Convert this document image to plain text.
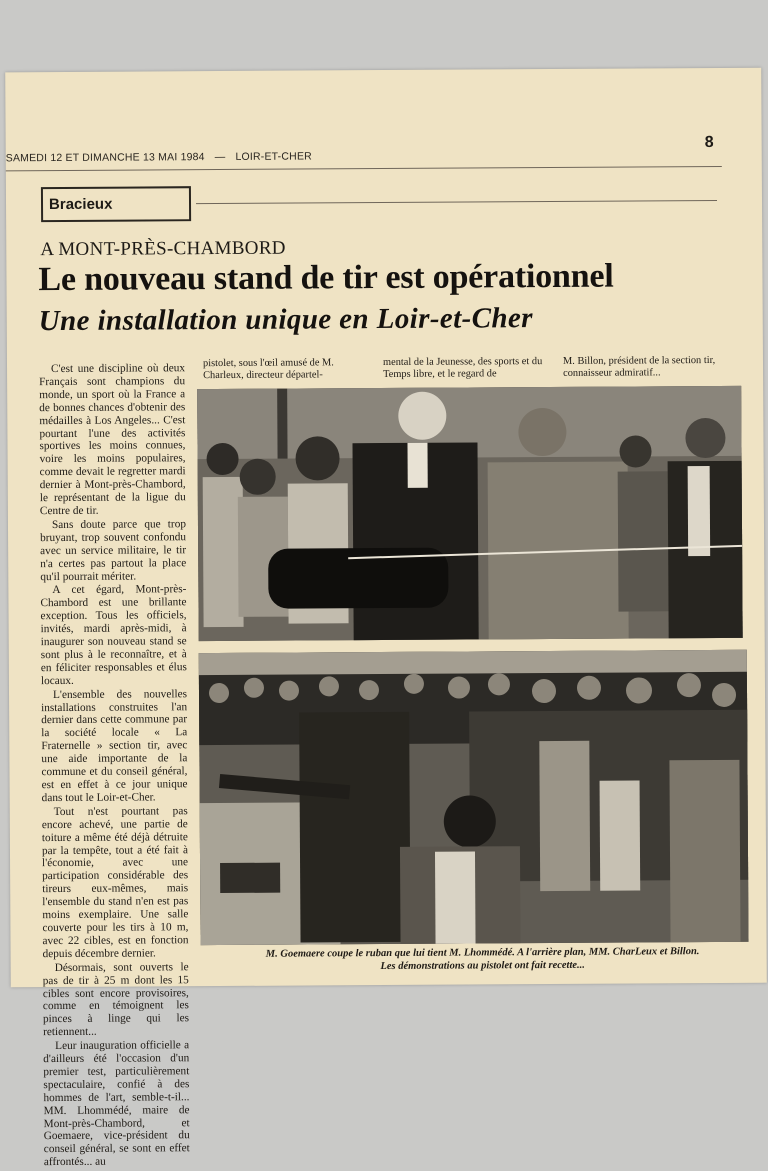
SAMEDI 12 ET DIMANCHE 13 MAI 1984 — LOIR-ET-CHER
8
Bracieux
A MONT-PRÈS-CHAMBORD
Le nouveau stand de tir est opérationnel
Une installation unique en Loir-et-Cher

C'est une discipline où deux Français sont champions du monde, un sport où la France a de bonnes chances d'obtenir des médailles à Los Angeles... C'est pourtant l'une des activités sportives les moins connues, voire les moins populaires, comme devait le regretter mardi dernier à Mont-près-Chambord, le représentant de la ligue du Centre de tir.

Sans doute parce que trop bruyant, trop souvent confondu avec un service militaire, le tir n'a certes pas partout la place qu'il pourrait mériter.

A cet égard, Mont-près-Chambord est une brillante exception. Tous les officiels, invités, mardi après-midi, à inaugurer son nouveau stand se sont plus à le reconnaître, et à en féliciter responsables et élus locaux.

L'ensemble des nouvelles installations construites l'an dernier dans cette commune par la société locale « La Fraternelle » section tir, avec une aide importante de la commune et du conseil général, est en effet à ce jour unique dans tout le Loir-et-Cher.

Tout n'est pourtant pas encore achevé, une partie de toiture a même été déjà détruite par la tempête, tout a été fait à l'économie, avec une participation considérable des tireurs eux-mêmes, mais l'ensemble du stand n'en est pas moins exemplaire. Une salle couverte pour les tirs à 10 m, avec 22 cibles, est en fonction depuis décembre dernier.

Désormais, sont ouverts le pas de tir à 25 m dont les 15 cibles sont encore provisoires, comme en témoignent les pinces à linge qui les retiennent...

Leur inauguration officielle a d'ailleurs été l'occasion d'un premier test, particulièrement spectaculaire, confié à des hommes de l'art, semble-t-il... MM. Lhommédé, maire de Mont-près-Chambord, et Goemaere, vice-président du conseil général, se sont en effet affrontés... au

pistolet, sous l'œil amusé de M. Charleux, directeur départel-
mental de la Jeunesse, des sports et du Temps libre, et le regard de
M. Billon, président de la section tir, connaisseur admiratif...
M. Goemaere coupe le ruban que lui tient M. Lhommédé. A l'arrière plan, MM. CharLeux et Billon.
Les démonstrations au pistolet ont fait recette...
